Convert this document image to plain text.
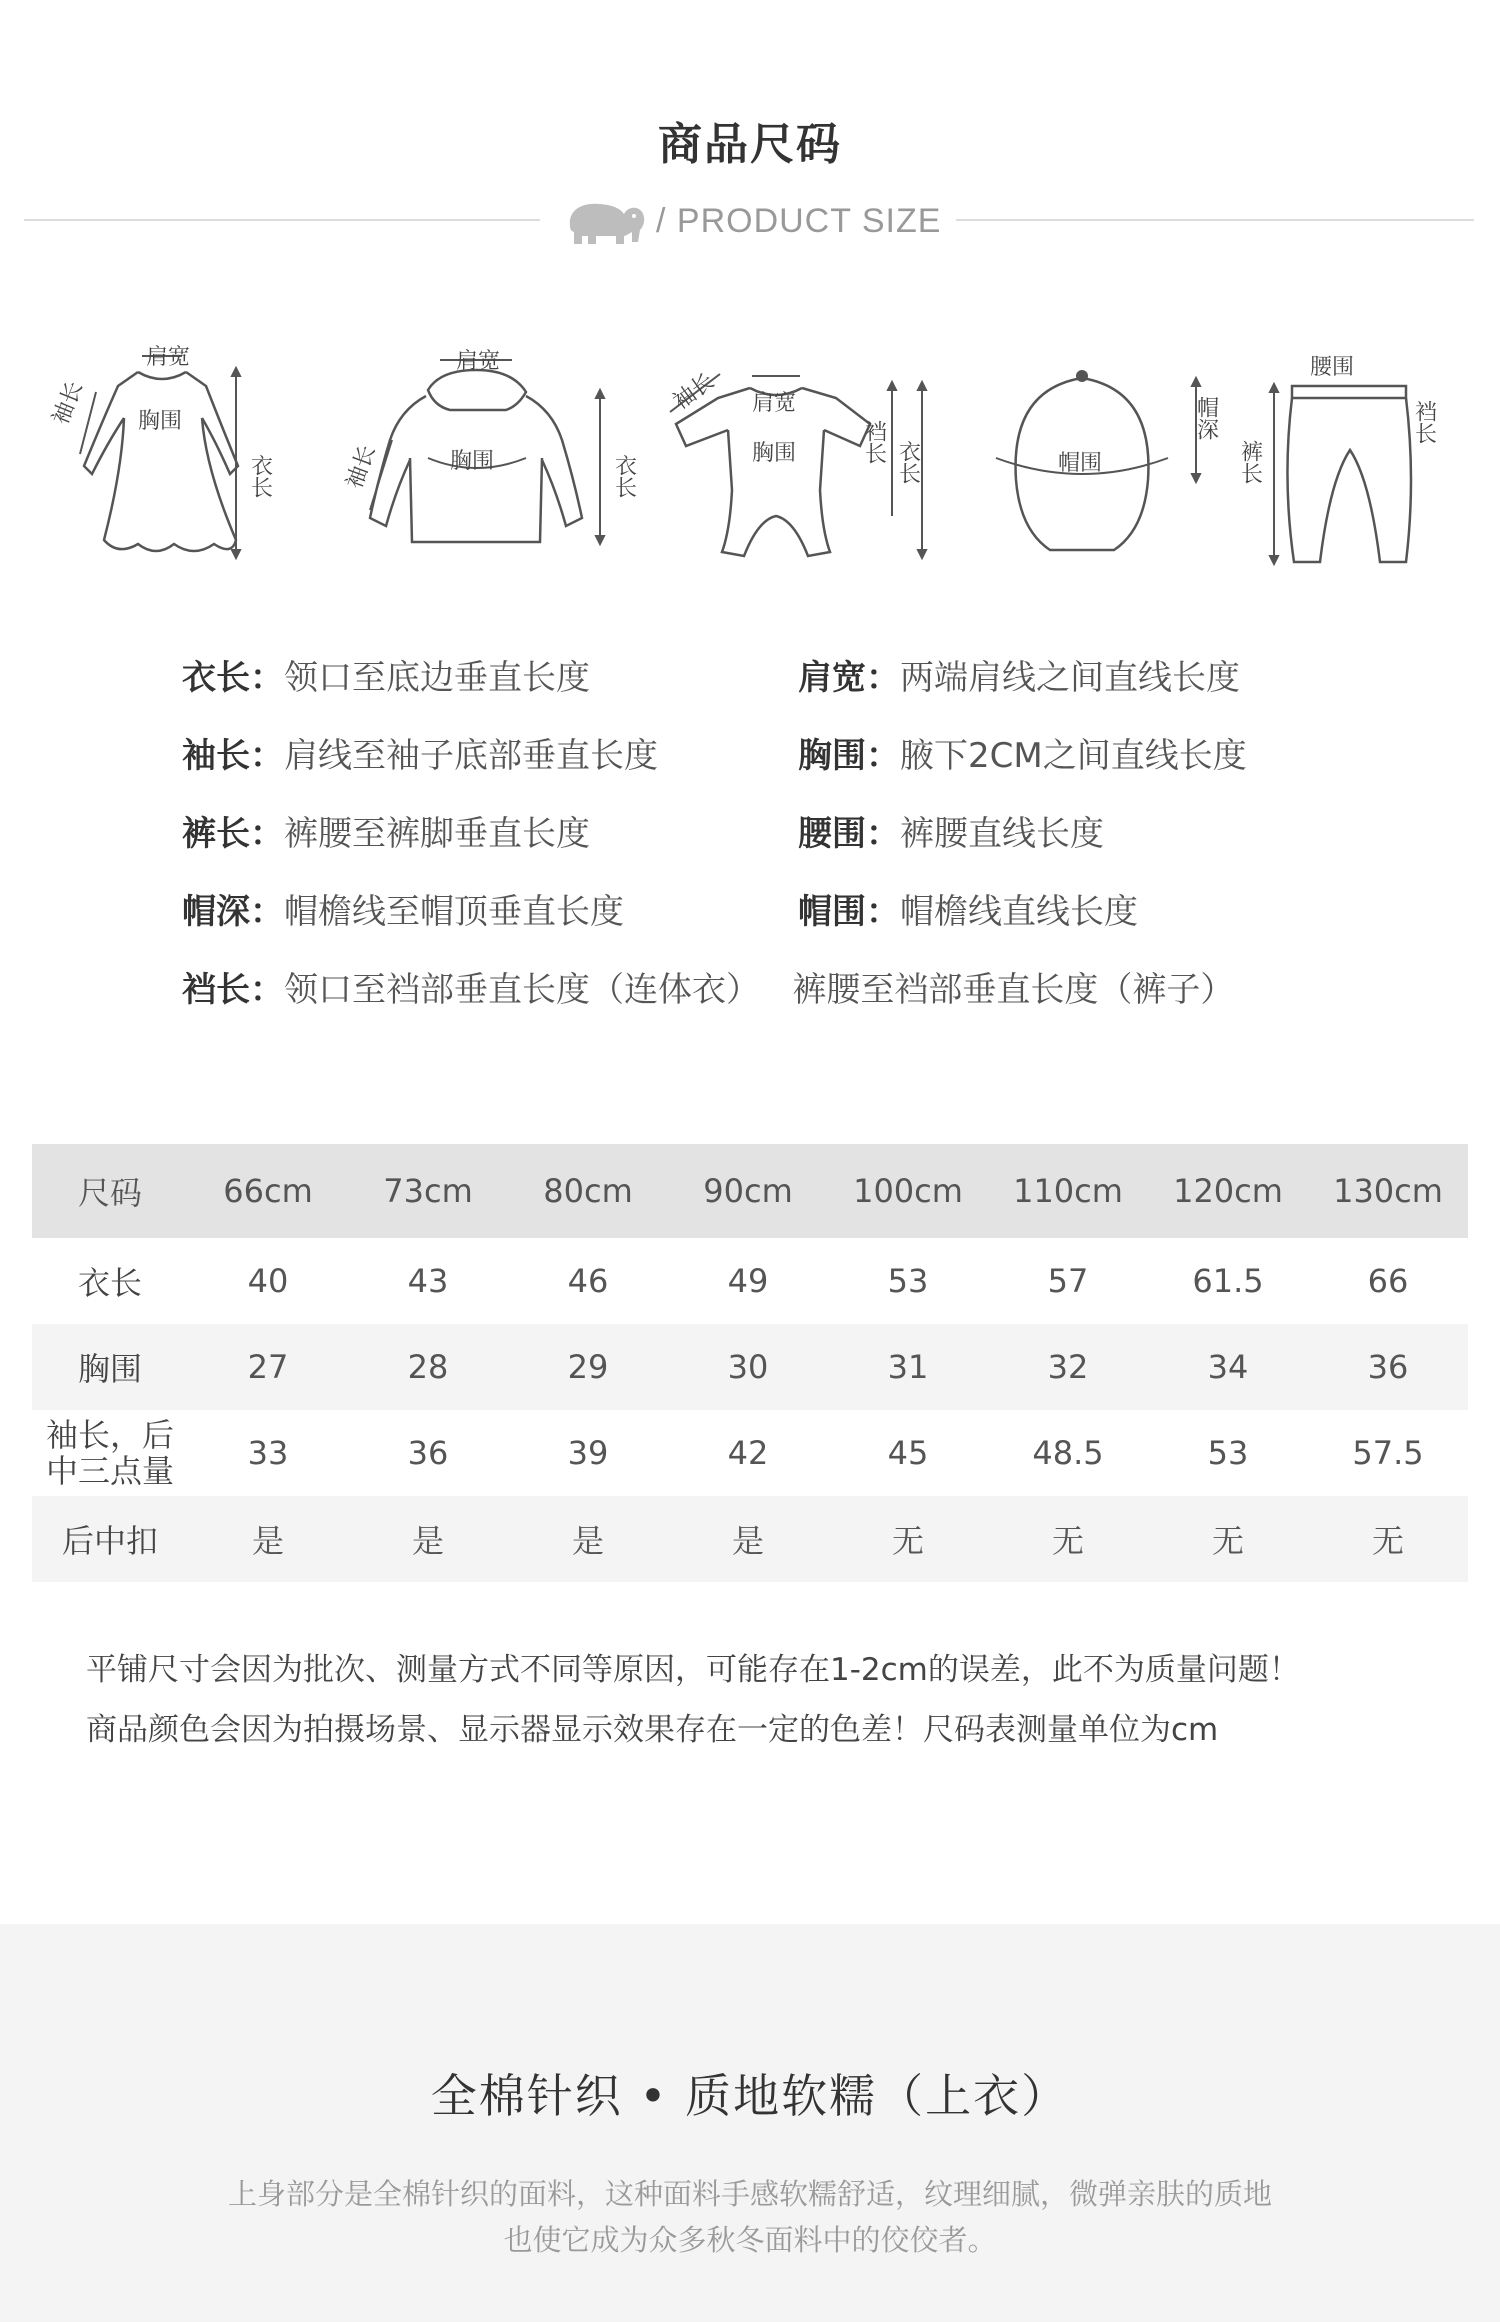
商品尺码
/ PRODUCT SIZE
肩宽
胸围
袖长
衣长
肩宽
胸围
袖长	衣长
肩宽
胸围
袖长
裆长 衣长	帽围
帽深
腰围
裤长
裆长
衣长：领口至底边垂直长度	肩宽：两端肩线之间直线长度
袖长：肩线至袖子底部垂直长度	胸围：腋下2CM之间直线长度
裤长：裤腰至裤脚垂直长度	腰围：裤腰直线长度
帽深：帽檐线至帽顶垂直长度	帽围：帽檐线直线长度
裆长：领口至裆部垂直长度（连体衣）   裤腰至裆部垂直长度（裤子）
尺码	66cm	73cm	80cm	90cm	100cm	110cm	120cm	130cm
衣长	40	43	46	49	53	57	61.5	66
胸围	27	28	29	30	31	32	34	36
袖长，后
中三点量	33	36	39	42	45	48.5	53	57.5
后中扣	是	是	是	是	无	无	无	无
平铺尺寸会因为批次、测量方式不同等原因，可能存在1-2cm的误差，此不为质量问题！
商品颜色会因为拍摄场景、显示器显示效果存在一定的色差！尺码表测量单位为cm
全棉针织 • 质地软糯（上衣）
上身部分是全棉针织的面料，这种面料手感软糯舒适，纹理细腻，微弹亲肤的质地
也使它成为众多秋冬面料中的佼佼者。
